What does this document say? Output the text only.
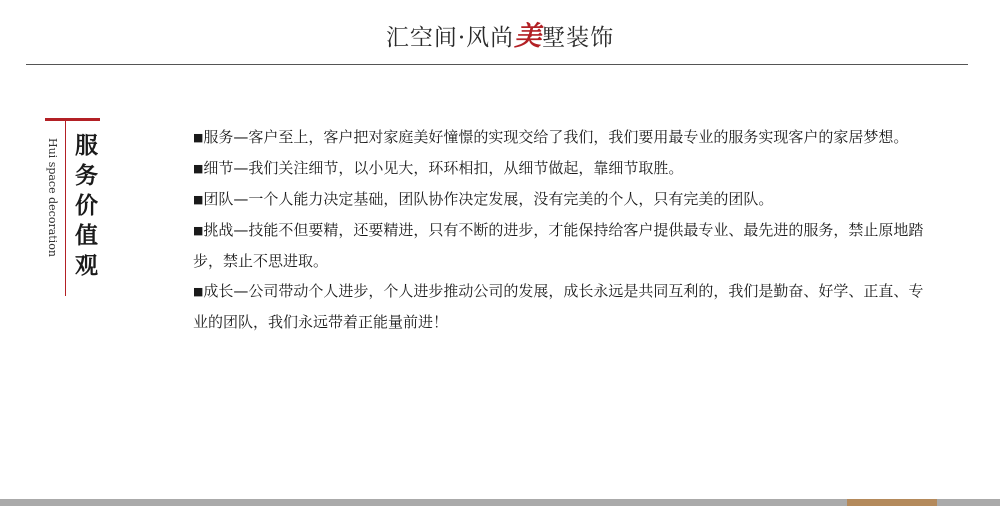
汇空间·风尚美墅装饰
Hui space decoration 服务价值观	■服务—客户至上，客户把对家庭美好憧憬的实现交给了我们，我们要用最专业的服务实现客户的家居梦想。

■细节—我们关注细节，以小见大，环环相扣，从细节做起，靠细节取胜。

■团队—一个人能力决定基础，团队协作决定发展，没有完美的个人，只有完美的团队。

■挑战—技能不但要精，还要精进，只有不断的进步，才能保持给客户提供最专业、最先进的服务，禁止原地踏步，禁止不思进取。

■成长—公司带动个人进步，个人进步推动公司的发展，成长永远是共同互利的，我们是勤奋、好学、正直、专业的团队，我们永远带着正能量前进！
